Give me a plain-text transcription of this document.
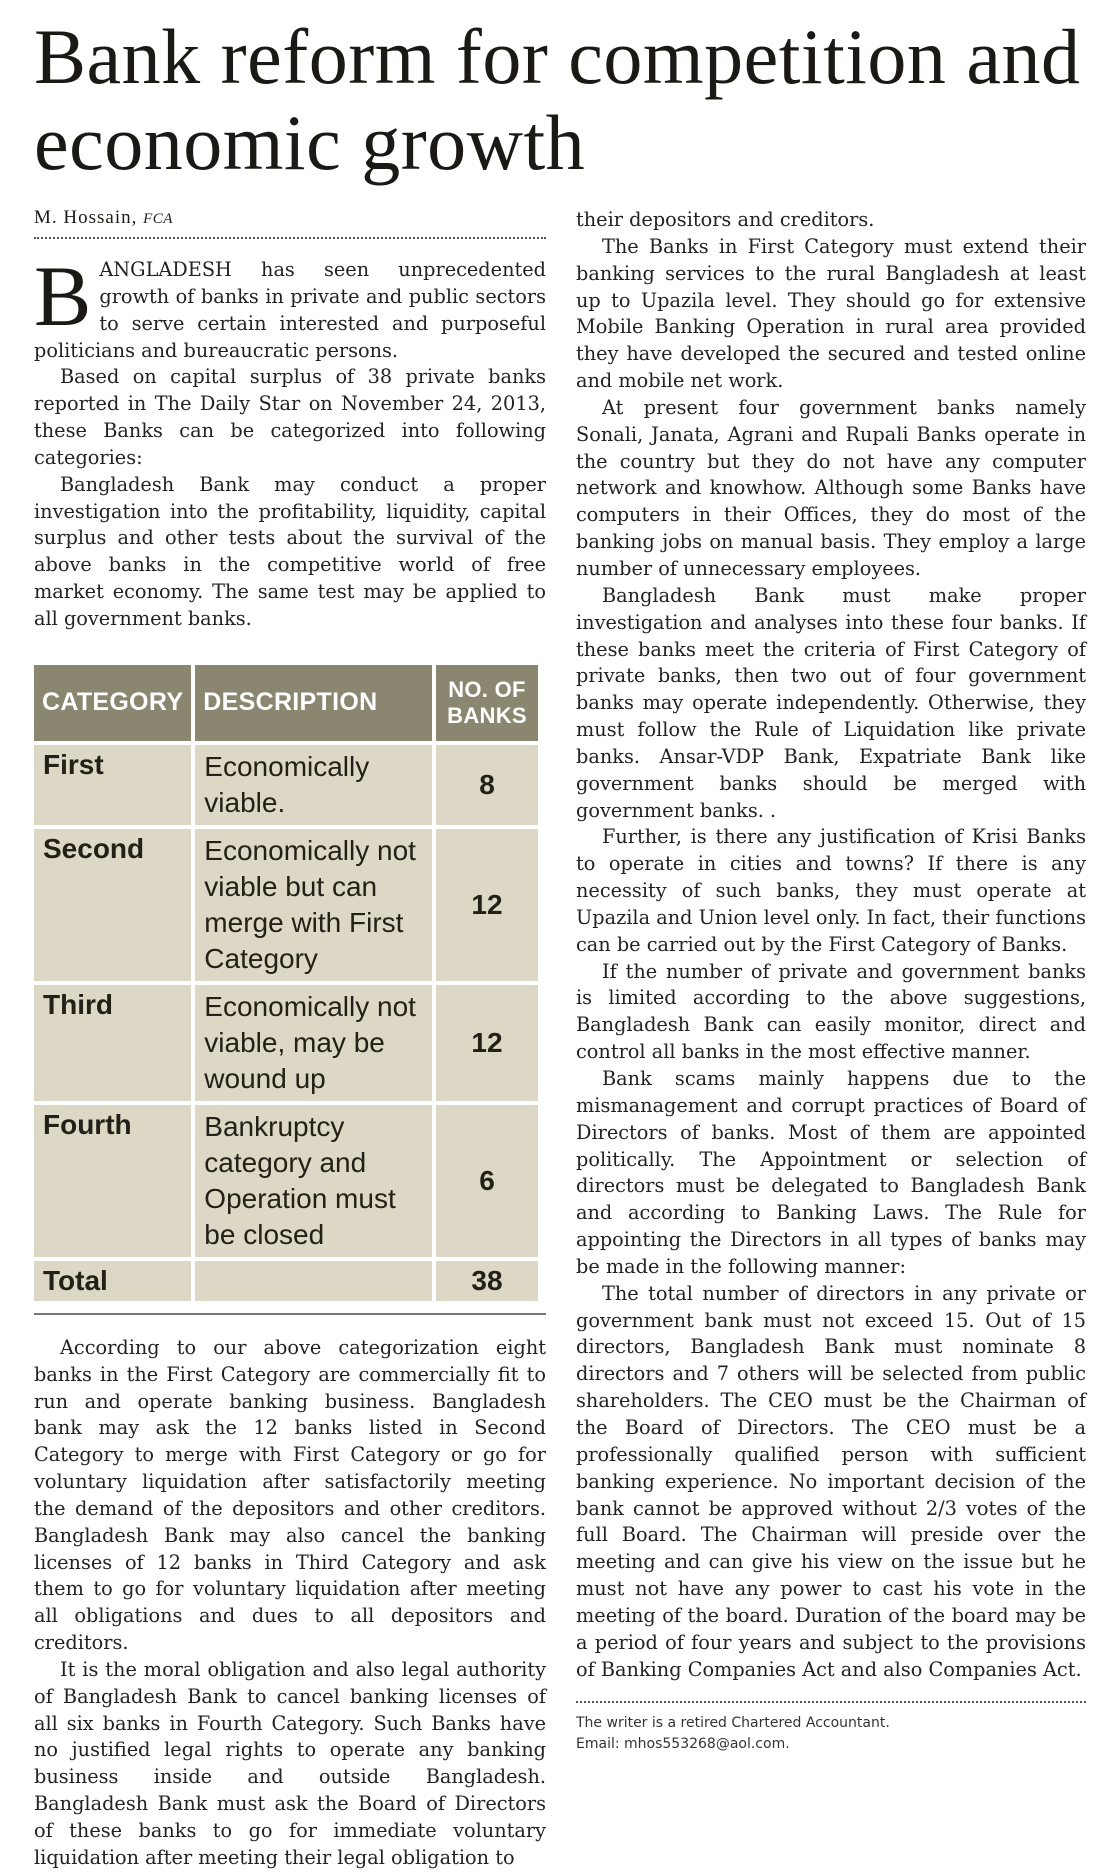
Bank reform for competition and economic growth
M. Hossain, FCA

BANGLADESH has seen unprecedented growth of banks in private and public sectors to serve certain interested and purposeful politicians and bureaucratic persons.

Based on capital surplus of 38 private banks reported in The Daily Star on November 24, 2013, these Banks can be categorized into following categories:

Bangladesh Bank may conduct a proper investigation into the profitability, liquidity, capital surplus and other tests about the survival of the above banks in the competitive world of free market economy. The same test may be applied to all government banks.

CATEGORY	DESCRIPTION	NO. OF BANKS
First	Economically viable.	8
Second	Economically not viable but can merge with First Category	12
Third	Economically not viable, may be wound up	12
Fourth	Bankruptcy category and Operation must be closed	6
Total		38

According to our above categorization eight banks in the First Category are commercially fit to run and operate banking business. Bangladesh bank may ask the 12 banks listed in Second Category to merge with First Category or go for voluntary liquidation after satisfactorily meeting the demand of the depositors and other creditors. Bangladesh Bank may also cancel the banking licenses of 12 banks in Third Category and ask them to go for voluntary liquidation after meeting all obligations and dues to all depositors and creditors.

It is the moral obligation and also legal authority of Bangladesh Bank to cancel banking licenses of all six banks in Fourth Category. Such Banks have no justified legal rights to operate any banking business inside and outside Bangladesh. Bangladesh Bank must ask the Board of Directors of these banks to go for immediate voluntary liquidation after meeting their legal obligation to

their depositors and creditors.

The Banks in First Category must extend their banking services to the rural Bangladesh at least up to Upazila level. They should go for extensive Mobile Banking Operation in rural area provided they have developed the secured and tested online and mobile net work.

At present four government banks namely Sonali, Janata, Agrani and Rupali Banks operate in the country but they do not have any computer network and knowhow. Although some Banks have computers in their Offices, they do most of the banking jobs on manual basis. They employ a large number of unnecessary employees.

Bangladesh Bank must make proper investigation and analyses into these four banks. If these banks meet the criteria of First Category of private banks, then two out of four government banks may operate independently. Otherwise, they must follow the Rule of Liquidation like private banks. Ansar-VDP Bank, Expatriate Bank like government banks should be merged with government banks. .

Further, is there any justification of Krisi Banks to operate in cities and towns? If there is any necessity of such banks, they must operate at Upazila and Union level only. In fact, their functions can be carried out by the First Category of Banks.

If the number of private and government banks is limited according to the above suggestions, Bangladesh Bank can easily monitor, direct and control all banks in the most effective manner.

Bank scams mainly happens due to the mismanagement and corrupt practices of Board of Directors of banks. Most of them are appointed politically. The Appointment or selection of directors must be delegated to Bangladesh Bank and according to Banking Laws. The Rule for appointing the Directors in all types of banks may be made in the following manner:

The total number of directors in any private or government bank must not exceed 15. Out of 15 directors, Bangladesh Bank must nominate 8 directors and 7 others will be selected from public shareholders. The CEO must be the Chairman of the Board of Directors. The CEO must be a professionally qualified person with sufficient banking experience. No important decision of the bank cannot be approved without 2/3 votes of the full Board. The Chairman will preside over the meeting and can give his view on the issue but he must not have any power to cast his vote in the meeting of the board. Duration of the board may be a period of four years and subject to the provisions of Banking Companies Act and also Companies Act.

The writer is a retired Chartered Accountant.
Email: mhos553268@aol.com.
